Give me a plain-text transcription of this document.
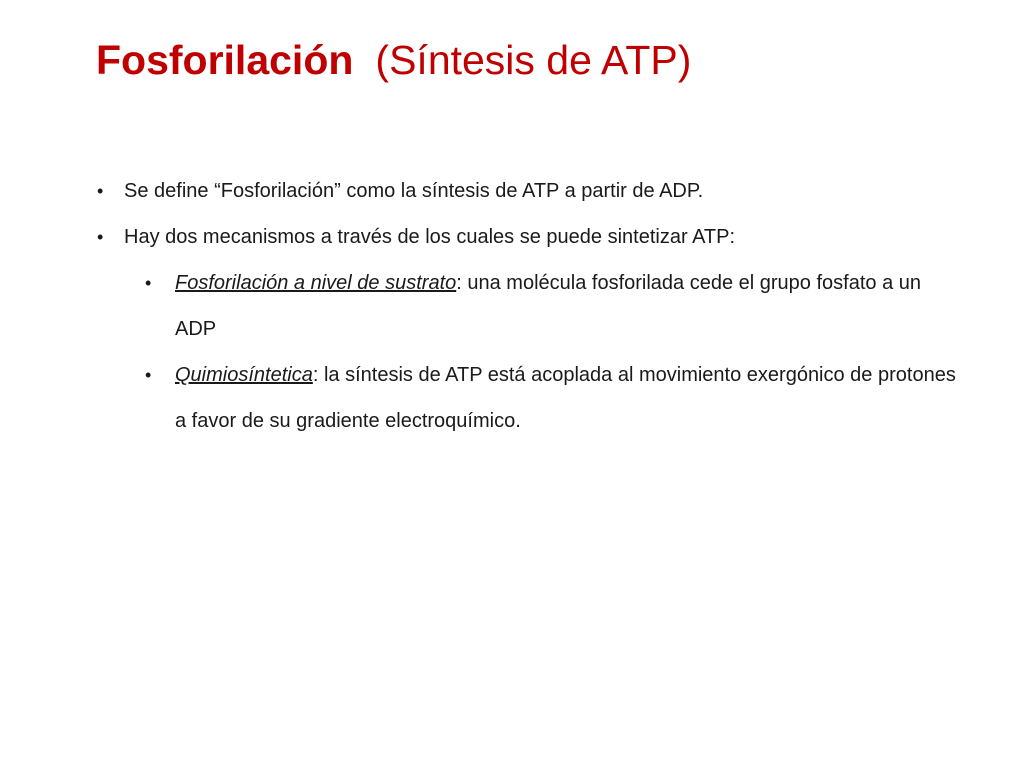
Fosforilación (Síntesis de ATP)
• Se define “Fosforilación” como la síntesis de ATP a partir de ADP.
• Hay dos mecanismos a través de los cuales se puede sintetizar ATP:
• Fosforilación a nivel de sustrato: una molécula fosforilada cede el grupo fosfato a un ADP
• Quimiosíntetica: la síntesis de ATP está acoplada al movimiento exergónico de protones a favor de su gradiente electroquímico.
